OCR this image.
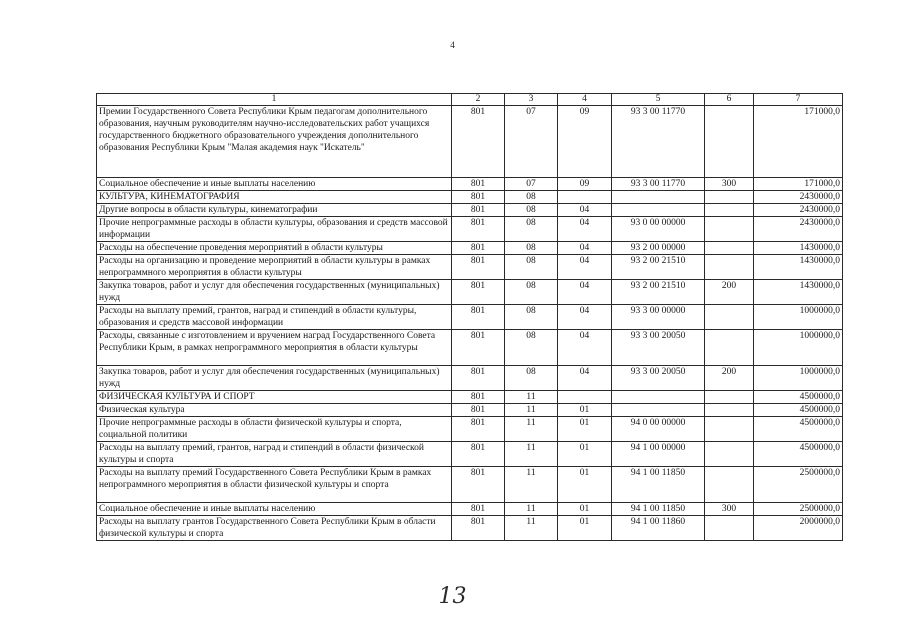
4
1	2	3	4	5	6	7
Премии Государственного Совета Республики Крым педагогам дополнительного образования, научным руководителям научно-исследовательских работ учащихся государственного бюджетного образовательного учреждения дополнительного образования Республики Крым "Малая академия наук "Искатель"	801	07	09	93 3 00 11770		171000,0
Социальное обеспечение и иные выплаты населению	801	07	09	93 3 00 11770	300	171000,0
КУЛЬТУРА, КИНЕМАТОГРАФИЯ	801	08				2430000,0
Другие вопросы в области культуры, кинематографии	801	08	04			2430000,0
Прочие непрограммные расходы в области культуры, образования и средств массовой информации	801	08	04	93 0 00 00000		2430000,0
Расходы на обеспечение проведения мероприятий в области культуры	801	08	04	93 2 00 00000		1430000,0
Расходы на организацию и проведение мероприятий в области культуры в рамках непрограммного мероприятия в области культуры	801	08	04	93 2 00 21510		1430000,0
Закупка товаров, работ и услуг для обеспечения государственных (муниципальных) нужд	801	08	04	93 2 00 21510	200	1430000,0
Расходы на выплату премий, грантов, наград и стипендий в области культуры, образования и средств массовой информации	801	08	04	93 3 00 00000		1000000,0
Расходы, связанные с изготовлением и вручением наград Государственного Совета Республики Крым, в рамках непрограммного мероприятия в области культуры	801	08	04	93 3 00 20050		1000000,0
Закупка товаров, работ и услуг для обеспечения государственных (муниципальных) нужд	801	08	04	93 3 00 20050	200	1000000,0
ФИЗИЧЕСКАЯ КУЛЬТУРА И СПОРТ	801	11				4500000,0
Физическая культура	801	11	01			4500000,0
Прочие непрограммные расходы в области физической культуры и спорта, социальной политики	801	11	01	94 0 00 00000		4500000,0
Расходы на выплату премий, грантов, наград и стипендий в области физической культуры и спорта	801	11	01	94 1 00 00000		4500000,0
Расходы на выплату премий Государственного Совета Республики Крым в рамках непрограммного мероприятия в области физической культуры и спорта	801	11	01	94 1 00 11850		2500000,0
Социальное обеспечение и иные выплаты населению	801	11	01	94 1 00 11850	300	2500000,0
Расходы на выплату грантов Государственного Совета Республики Крым в области физической культуры и спорта	801	11	01	94 1 00 11860		2000000,0
13
